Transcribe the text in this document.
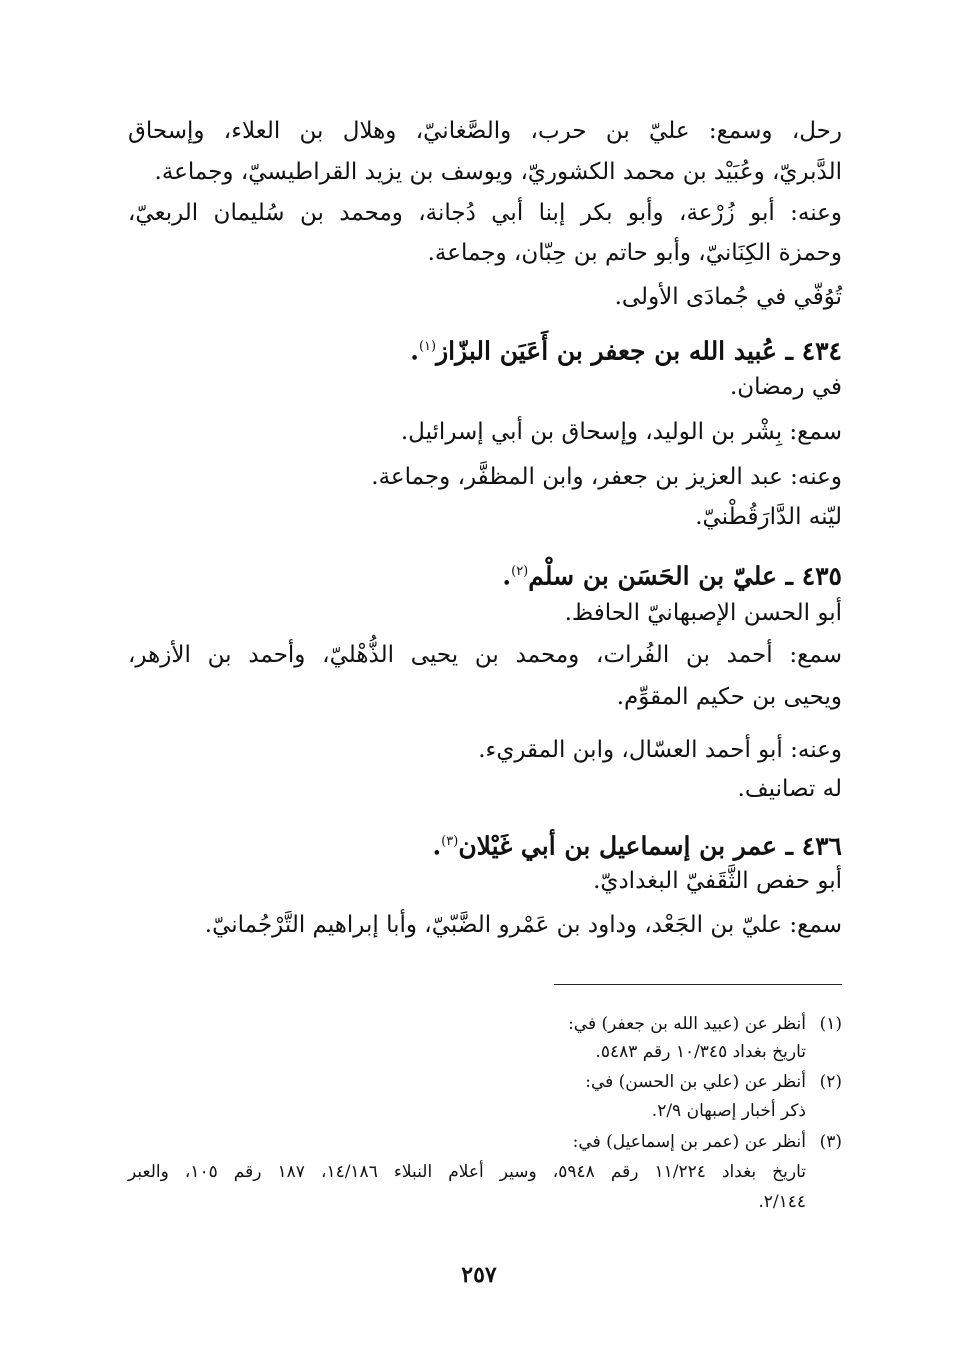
رحل، وسمع: عليّ بن حرب، والصَّغانيّ، وهلال بن العلاء، وإسحاق
الدَّبريّ، وعُبَيْد بن محمد الكشوريّ، ويوسف بن يزيد القراطيسيّ، وجماعة.
وعنه: أبو زُرْعة، وأبو بكر إبنا أبي دُجانة، ومحمد بن سُليمان الربعيّ،
وحمزة الكِنَانيّ، وأبو حاتم بن حِبّان، وجماعة.
تُوُفّي في جُمادَى الأولى.
٤٣٤ ـ عُبيد الله بن جعفر بن أَعَيَن البزّاز$^{(١)}$.
في رمضان.
سمع: بِشْر بن الوليد، وإسحاق بن أبي إسرائيل.
وعنه: عبد العزيز بن جعفر، وابن المظفَّر، وجماعة.
ليّنه الدَّارَقُطْنيّ.
٤٣٥ ـ عليّ بن الحَسَن بن سلْم$^{(٢)}$.
أبو الحسن الإصبهانيّ الحافظ.
سمع: أحمد بن الفُرات، ومحمد بن يحيى الذُّهْليّ، وأحمد بن الأزهر،
ويحيى بن حكيم المقوِّم.
وعنه: أبو أحمد العسّال، وابن المقريء.
له تصانيف.
٤٣٦ ـ عمر بن إسماعيل بن أبي غَيْلان$^{(٣)}$.
أبو حفص الثَّقَفيّ البغداديّ.
سمع: عليّ بن الجَعْد، وداود بن عَمْرو الضَّبّيّ، وأبا إبراهيم التَّرْجُمانيّ.
(١)أنظر عن (عبيد الله بن جعفر) في:
تاريخ بغداد ١٠/٣٤٥ رقم ٥٤٨٣.
(٢)أنظر عن (علي بن الحسن) في:
ذكر أخبار إصبهان ٢/٩.
(٣)أنظر عن (عمر بن إسماعيل) في:
تاريخ بغداد ١١/٢٢٤ رقم ٥٩٤٨، وسير أعلام النبلاء ١٤/١٨٦، ١٨٧ رقم ١٠٥، والعبر
٢/١٤٤.
٢٥٧
